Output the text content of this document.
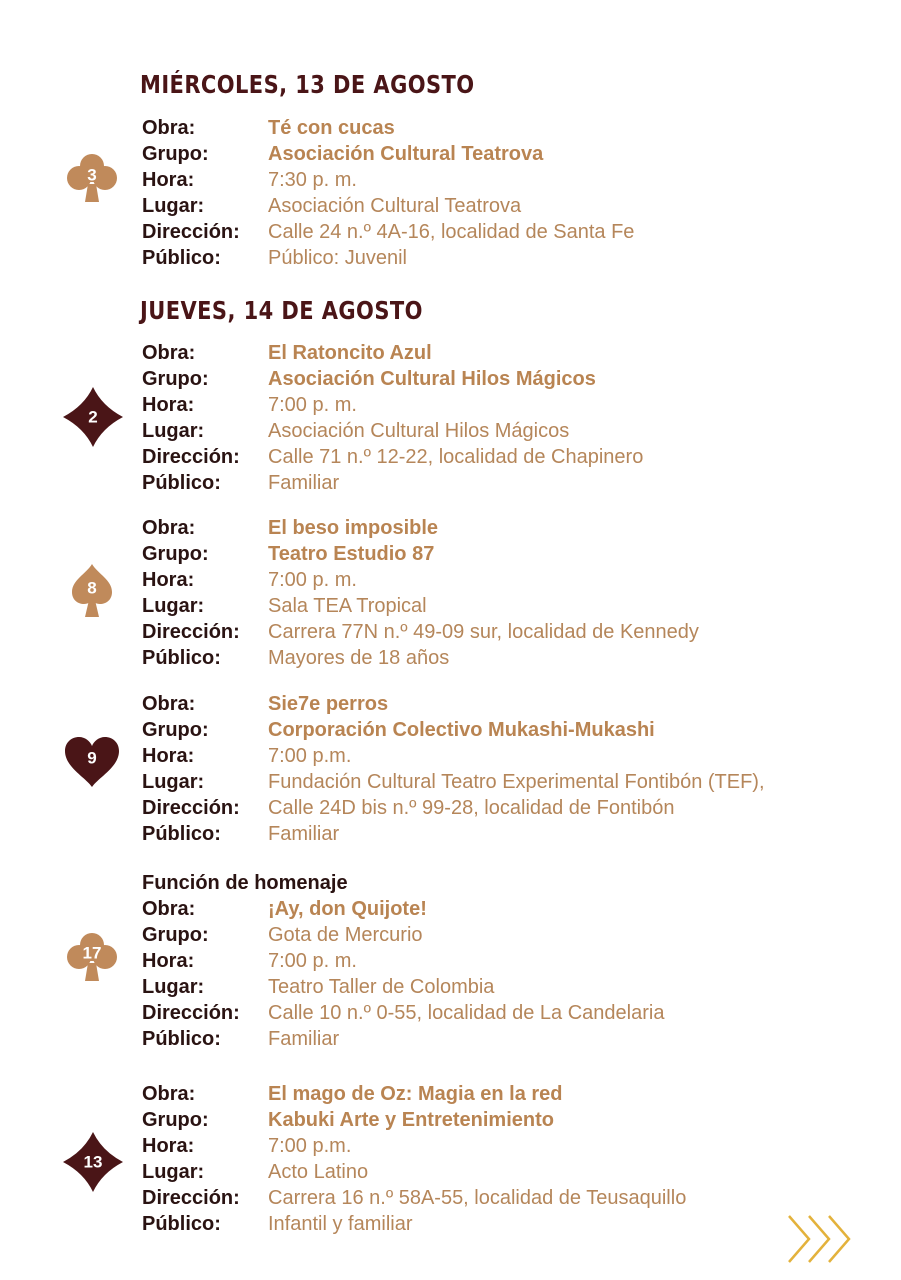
MIÉRCOLES, 13 DE AGOSTO
JUEVES, 14 DE AGOSTO
3
Obra:	Té con cucas
Grupo:	Asociación Cultural Teatrova
Hora:	7:30 p. m.
Lugar:	Asociación Cultural Teatrova
Dirección:	Calle 24 n.º 4A-16, localidad de Santa Fe
Público:	Público: Juvenil
2
Obra:	El Ratoncito Azul
Grupo:	Asociación Cultural Hilos Mágicos
Hora:	7:00 p. m.
Lugar:	Asociación Cultural Hilos Mágicos
Dirección:	Calle 71 n.º 12-22, localidad de Chapinero
Público:	Familiar
8
Obra:	El beso imposible
Grupo:	Teatro Estudio 87
Hora:	7:00 p. m.
Lugar:	Sala TEA Tropical
Dirección:	Carrera 77N n.º 49-09 sur, localidad de Kennedy
Público:	Mayores de 18 años
9
Obra:	Sie7e perros
Grupo:	Corporación Colectivo Mukashi-Mukashi
Hora:	7:00 p.m.
Lugar:	Fundación Cultural Teatro Experimental Fontibón (TEF),
Dirección:	Calle 24D bis n.º 99-28, localidad de Fontibón
Público:	Familiar
17
Función de homenaje
Obra:	¡Ay, don Quijote!
Grupo:	Gota de Mercurio
Hora:	7:00 p. m.
Lugar:	Teatro Taller de Colombia
Dirección:	Calle 10 n.º 0-55, localidad de La Candelaria
Público:	Familiar
13
Obra:	El mago de Oz: Magia en la red
Grupo:	Kabuki Arte y Entretenimiento
Hora:	7:00 p.m.
Lugar:	Acto Latino
Dirección:	Carrera 16 n.º 58A-55, localidad de Teusaquillo
Público:	Infantil y familiar
